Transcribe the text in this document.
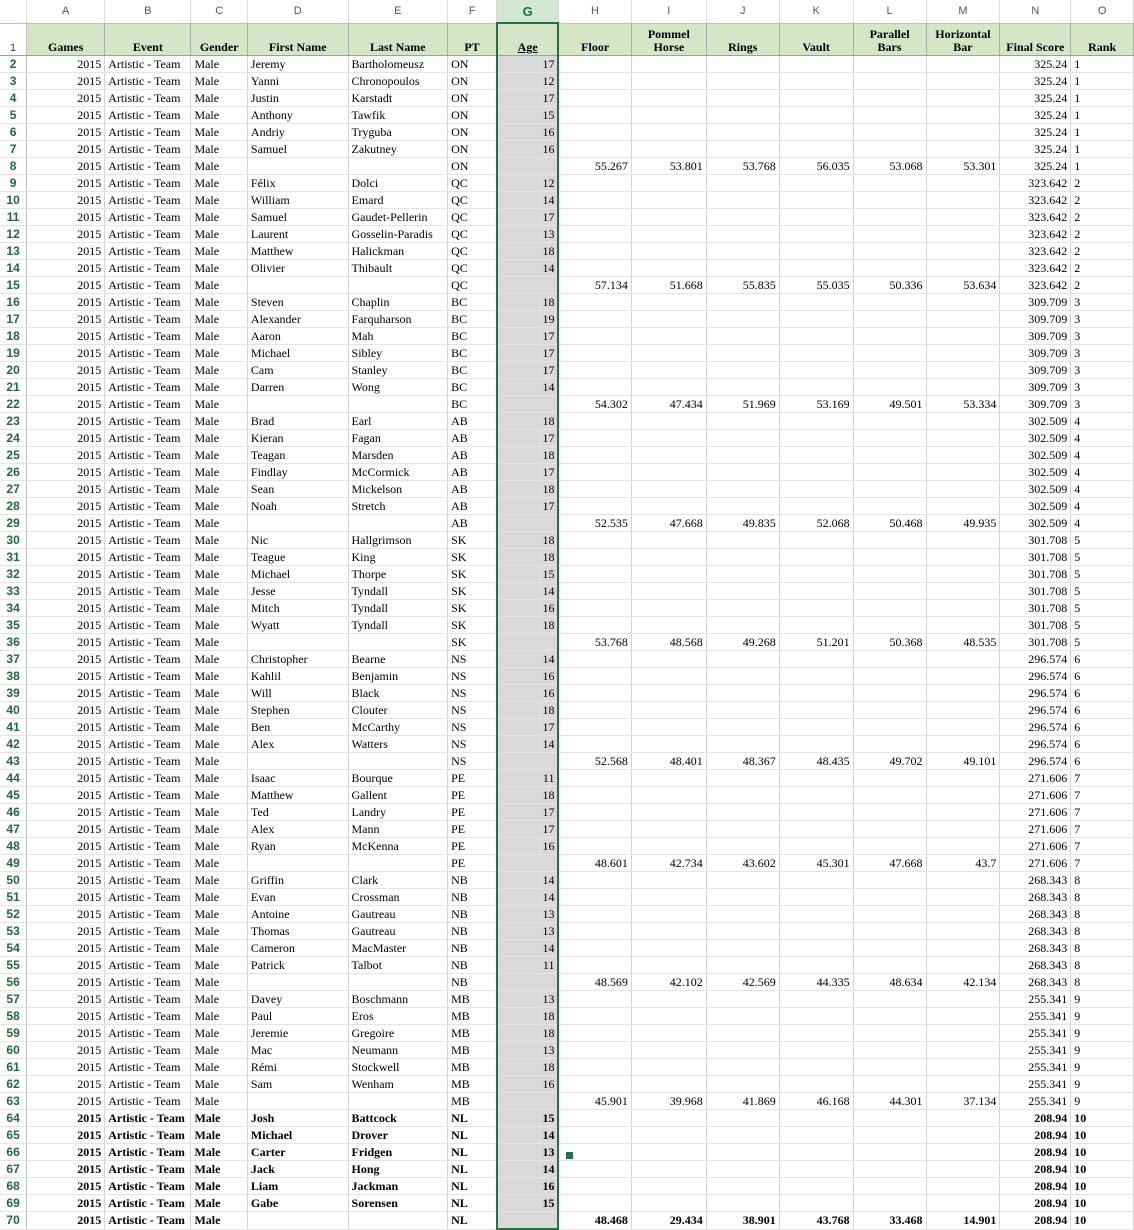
	A	B	C	D	E	F	G	H	I	J	K	L	M	N	O
1	Games	Event	Gender	First Name	Last Name	PT	Age	Floor	Pommel Horse	Rings	Vault	Parallel Bars	Horizontal Bar	Final Score	Rank
2	2015	Artistic - Team	Male	Jeremy	Bartholomeusz	ON	17							325.24	1
3	2015	Artistic - Team	Male	Yanni	Chronopoulos	ON	12							325.24	1
4	2015	Artistic - Team	Male	Justin	Karstadt	ON	17							325.24	1
5	2015	Artistic - Team	Male	Anthony	Tawfik	ON	15							325.24	1
6	2015	Artistic - Team	Male	Andriy	Tryguba	ON	16							325.24	1
7	2015	Artistic - Team	Male	Samuel	Zakutney	ON	16							325.24	1
8	2015	Artistic - Team	Male			ON		55.267	53.801	53.768	56.035	53.068	53.301	325.24	1
9	2015	Artistic - Team	Male	Félix	Dolci	QC	12							323.642	2
10	2015	Artistic - Team	Male	William	Emard	QC	14							323.642	2
11	2015	Artistic - Team	Male	Samuel	Gaudet-Pellerin	QC	17							323.642	2
12	2015	Artistic - Team	Male	Laurent	Gosselin-Paradis	QC	13							323.642	2
13	2015	Artistic - Team	Male	Matthew	Halickman	QC	18							323.642	2
14	2015	Artistic - Team	Male	Olivier	Thibault	QC	14							323.642	2
15	2015	Artistic - Team	Male			QC		57.134	51.668	55.835	55.035	50.336	53.634	323.642	2
16	2015	Artistic - Team	Male	Steven	Chaplin	BC	18							309.709	3
17	2015	Artistic - Team	Male	Alexander	Farquharson	BC	19							309.709	3
18	2015	Artistic - Team	Male	Aaron	Mah	BC	17							309.709	3
19	2015	Artistic - Team	Male	Michael	Sibley	BC	17							309.709	3
20	2015	Artistic - Team	Male	Cam	Stanley	BC	17							309.709	3
21	2015	Artistic - Team	Male	Darren	Wong	BC	14							309.709	3
22	2015	Artistic - Team	Male			BC		54.302	47.434	51.969	53.169	49.501	53.334	309.709	3
23	2015	Artistic - Team	Male	Brad	Earl	AB	18							302.509	4
24	2015	Artistic - Team	Male	Kieran	Fagan	AB	17							302.509	4
25	2015	Artistic - Team	Male	Teagan	Marsden	AB	18							302.509	4
26	2015	Artistic - Team	Male	Findlay	McCormick	AB	17							302.509	4
27	2015	Artistic - Team	Male	Sean	Mickelson	AB	18							302.509	4
28	2015	Artistic - Team	Male	Noah	Stretch	AB	17							302.509	4
29	2015	Artistic - Team	Male			AB		52.535	47.668	49.835	52.068	50.468	49.935	302.509	4
30	2015	Artistic - Team	Male	Nic	Hallgrimson	SK	18							301.708	5
31	2015	Artistic - Team	Male	Teague	King	SK	18							301.708	5
32	2015	Artistic - Team	Male	Michael	Thorpe	SK	15							301.708	5
33	2015	Artistic - Team	Male	Jesse	Tyndall	SK	14							301.708	5
34	2015	Artistic - Team	Male	Mitch	Tyndall	SK	16							301.708	5
35	2015	Artistic - Team	Male	Wyatt	Tyndall	SK	18							301.708	5
36	2015	Artistic - Team	Male			SK		53.768	48.568	49.268	51.201	50.368	48.535	301.708	5
37	2015	Artistic - Team	Male	Christopher	Bearne	NS	14							296.574	6
38	2015	Artistic - Team	Male	Kahlil	Benjamin	NS	16							296.574	6
39	2015	Artistic - Team	Male	Will	Black	NS	16							296.574	6
40	2015	Artistic - Team	Male	Stephen	Clouter	NS	18							296.574	6
41	2015	Artistic - Team	Male	Ben	McCarthy	NS	17							296.574	6
42	2015	Artistic - Team	Male	Alex	Watters	NS	14							296.574	6
43	2015	Artistic - Team	Male			NS		52.568	48.401	48.367	48.435	49.702	49.101	296.574	6
44	2015	Artistic - Team	Male	Isaac	Bourque	PE	11							271.606	7
45	2015	Artistic - Team	Male	Matthew	Gallent	PE	18							271.606	7
46	2015	Artistic - Team	Male	Ted	Landry	PE	17							271.606	7
47	2015	Artistic - Team	Male	Alex	Mann	PE	17							271.606	7
48	2015	Artistic - Team	Male	Ryan	McKenna	PE	16							271.606	7
49	2015	Artistic - Team	Male			PE		48.601	42.734	43.602	45.301	47.668	43.7	271.606	7
50	2015	Artistic - Team	Male	Griffin	Clark	NB	14							268.343	8
51	2015	Artistic - Team	Male	Evan	Crossman	NB	14							268.343	8
52	2015	Artistic - Team	Male	Antoine	Gautreau	NB	13							268.343	8
53	2015	Artistic - Team	Male	Thomas	Gautreau	NB	13							268.343	8
54	2015	Artistic - Team	Male	Cameron	MacMaster	NB	14							268.343	8
55	2015	Artistic - Team	Male	Patrick	Talbot	NB	11							268.343	8
56	2015	Artistic - Team	Male			NB		48.569	42.102	42.569	44.335	48.634	42.134	268.343	8
57	2015	Artistic - Team	Male	Davey	Boschmann	MB	13							255.341	9
58	2015	Artistic - Team	Male	Paul	Eros	MB	18							255.341	9
59	2015	Artistic - Team	Male	Jeremie	Gregoire	MB	18							255.341	9
60	2015	Artistic - Team	Male	Mac	Neumann	MB	13							255.341	9
61	2015	Artistic - Team	Male	Rémi	Stockwell	MB	18							255.341	9
62	2015	Artistic - Team	Male	Sam	Wenham	MB	16							255.341	9
63	2015	Artistic - Team	Male			MB		45.901	39.968	41.869	46.168	44.301	37.134	255.341	9
64	2015	Artistic - Team	Male	Josh	Battcock	NL	15							208.94	10
65	2015	Artistic - Team	Male	Michael	Drover	NL	14							208.94	10
66	2015	Artistic - Team	Male	Carter	Fridgen	NL	13							208.94	10
67	2015	Artistic - Team	Male	Jack	Hong	NL	14							208.94	10
68	2015	Artistic - Team	Male	Liam	Jackman	NL	16							208.94	10
69	2015	Artistic - Team	Male	Gabe	Sorensen	NL	15							208.94	10
70	2015	Artistic - Team	Male			NL		48.468	29.434	38.901	43.768	33.468	14.901	208.94	10
